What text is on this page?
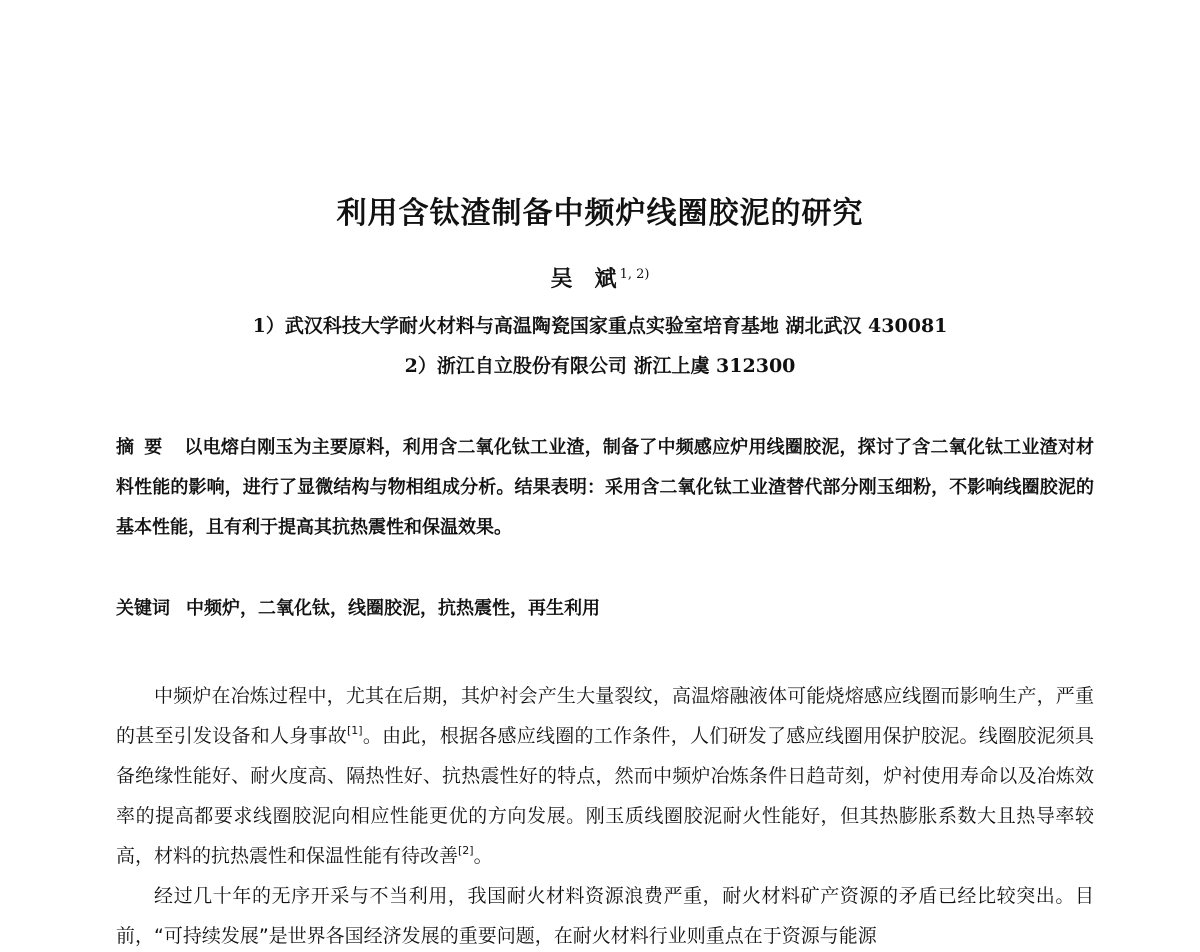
利用含钛渣制备中频炉线圈胶泥的研究
吴　斌 $^{1, 2)}$
1）武汉科技大学耐火材料与高温陶瓷国家重点实验室培育基地 湖北武汉 430081
2）浙江自立股份有限公司 浙江上虞 312300
摘要 以电熔白刚玉为主要原料，利用含二氧化钛工业渣，制备了中频感应炉用线圈胶泥，探讨了含二氧化钛工业渣对材料性能的影响，进行了显微结构与物相组成分析。结果表明：采用含二氧化钛工业渣替代部分刚玉细粉，不影响线圈胶泥的基本性能，且有利于提高其抗热震性和保温效果。
关键词 中频炉，二氧化钛，线圈胶泥，抗热震性，再生利用

中频炉在冶炼过程中，尤其在后期，其炉衬会产生大量裂纹，高温熔融液体可能烧熔感应线圈而影响生产，严重的甚至引发设备和人身事故[1]。由此，根据各感应线圈的工作条件，人们研发了感应线圈用保护胶泥。线圈胶泥须具备绝缘性能好、耐火度高、隔热性好、抗热震性好的特点，然而中频炉冶炼条件日趋苛刻，炉衬使用寿命以及冶炼效率的提高都要求线圈胶泥向相应性能更优的方向发展。刚玉质线圈胶泥耐火性能好，但其热膨胀系数大且热导率较高，材料的抗热震性和保温性能有待改善[2]。

经过几十年的无序开采与不当利用，我国耐火材料资源浪费严重，耐火材料矿产资源的矛盾已经比较突出。目前，“可持续发展”是世界各国经济发展的重要问题，在耐火材料行业则重点在于资源与能源
